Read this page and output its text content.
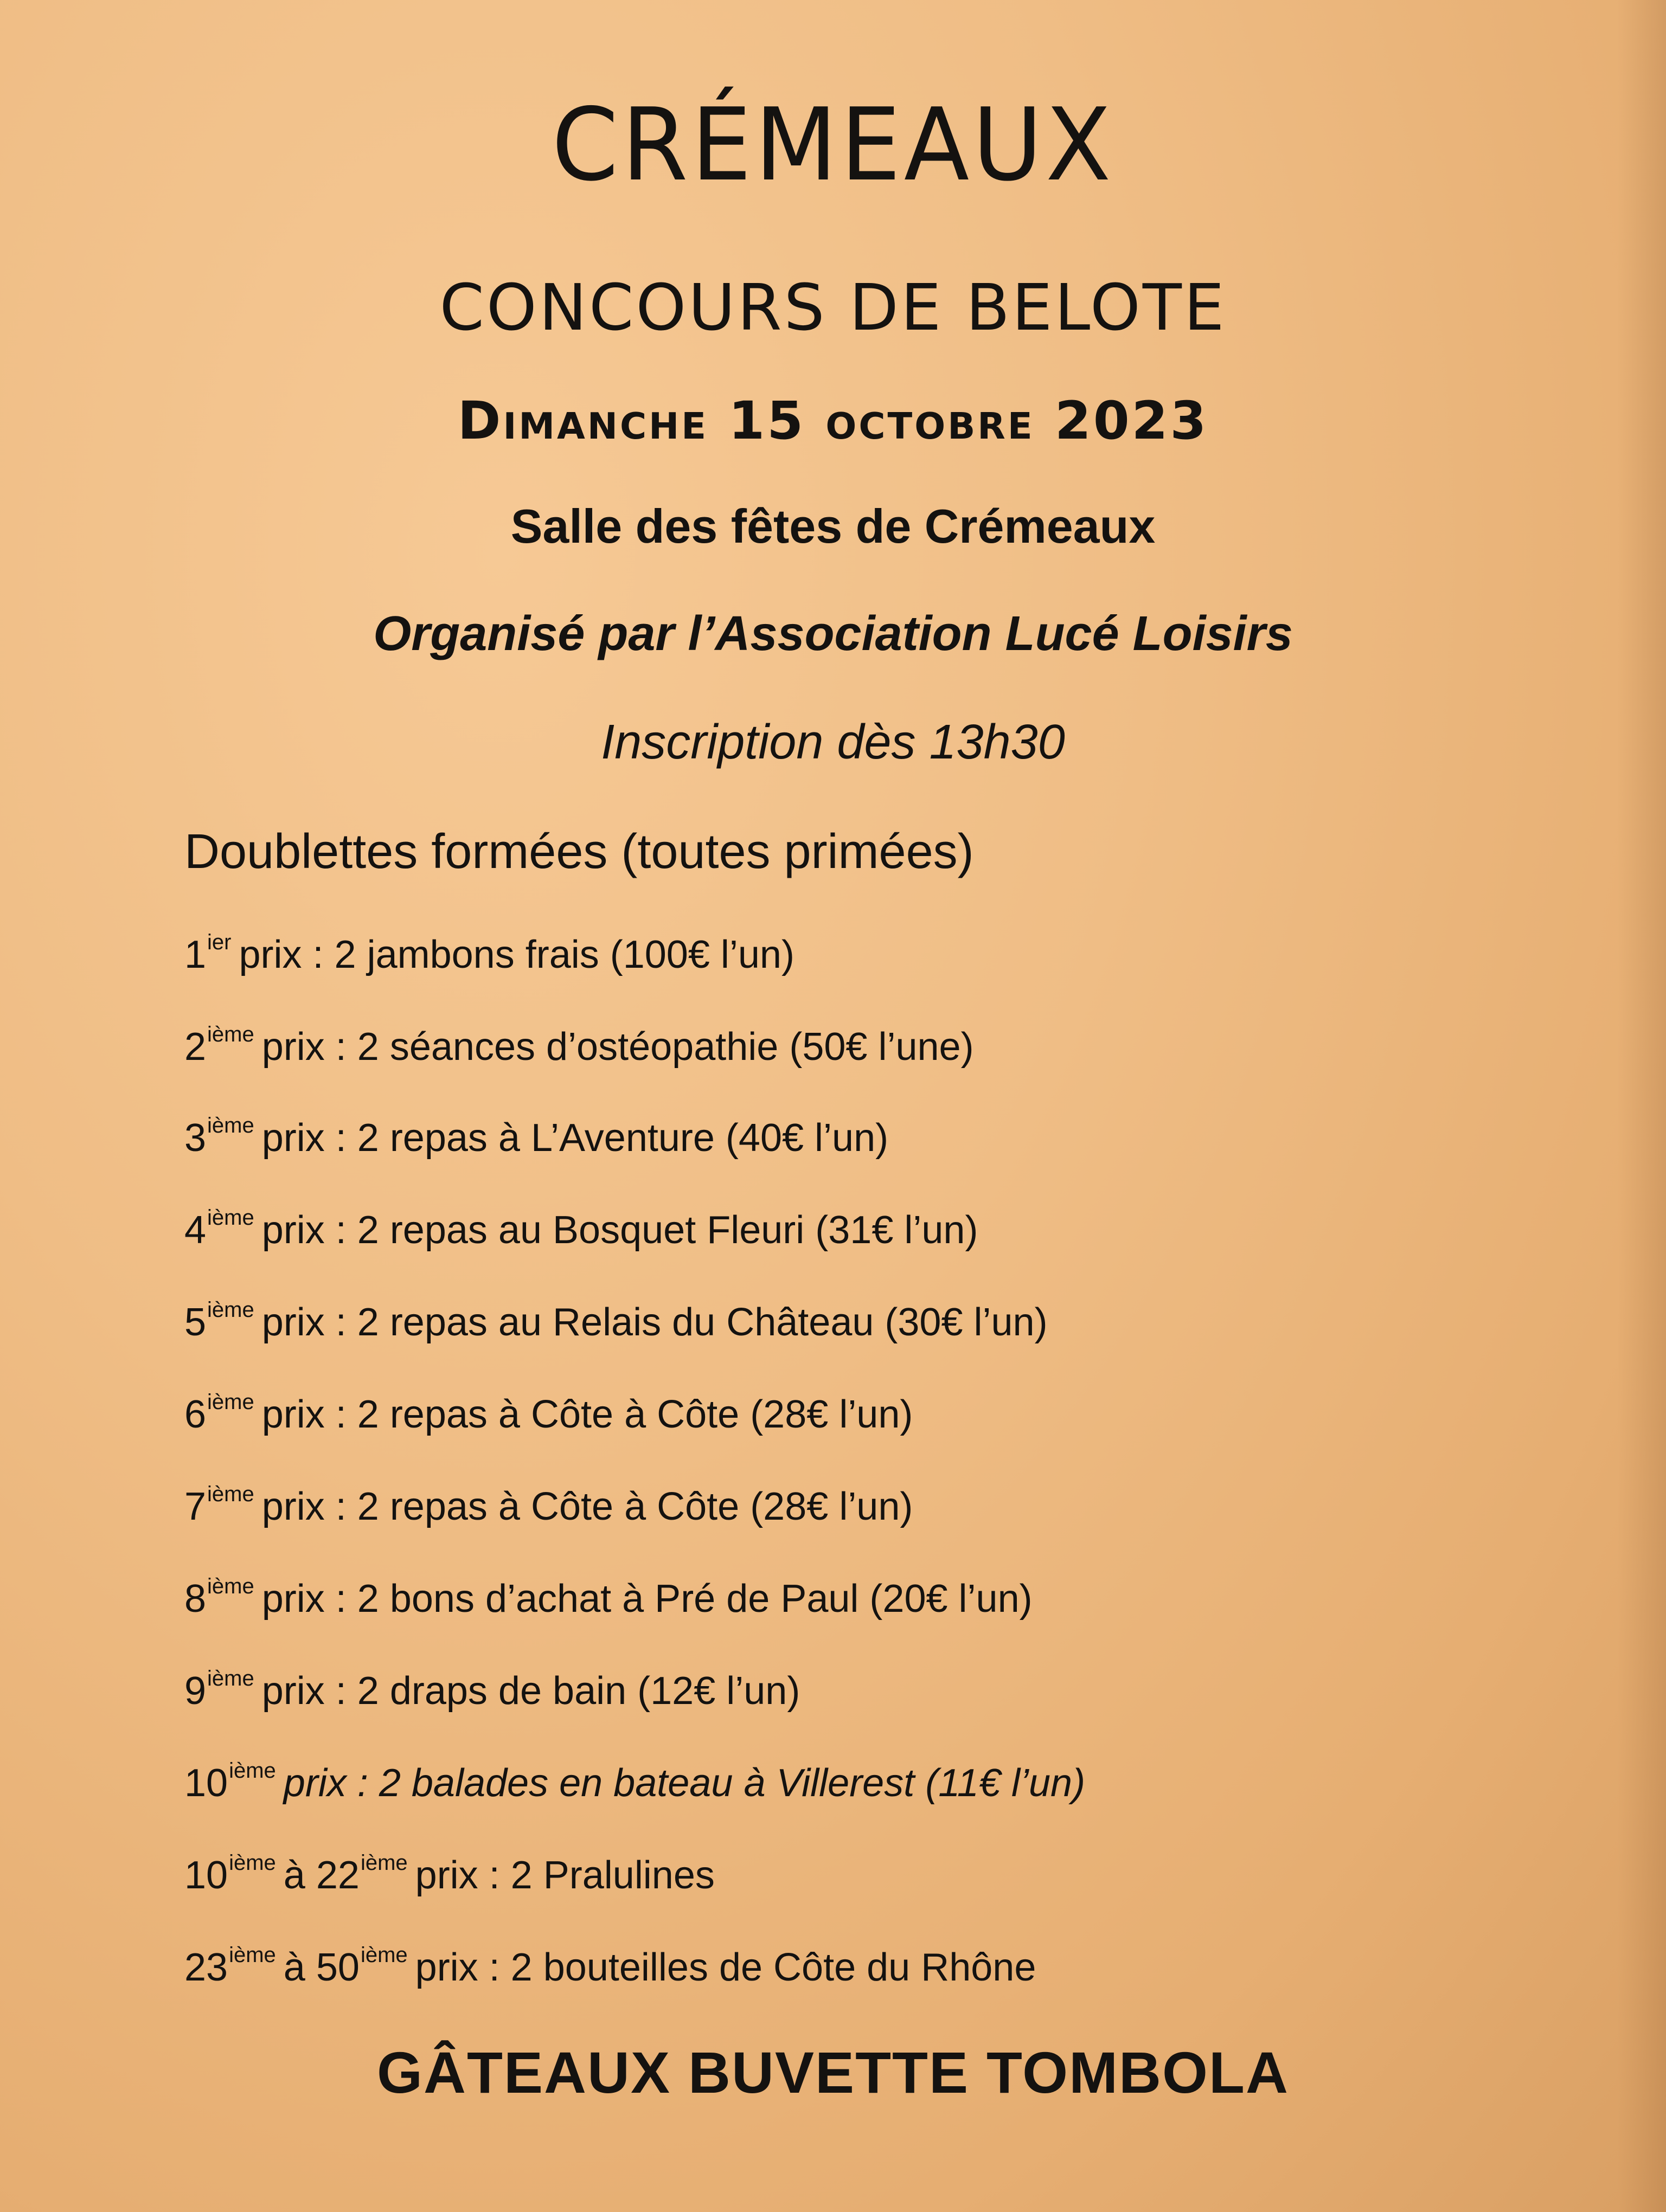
CRÉMEAUX
CONCOURS DE BELOTE
Dimanche 15 octobre 2023
Salle des fêtes de Crémeaux
Organisé par l’Association Lucé Loisirs
Inscription dès 13h30
Doublettes formées (toutes primées)
$1^{ier}$ prix : 2 jambons frais (100€ l’un)
2ième prix : 2 séances d’ostéopathie (50€ l’une)
3ième prix : 2 repas à L’Aventure (40€ l’un)
4ième prix : 2 repas au Bosquet Fleuri (31€ l’un)
5ième prix : 2 repas au Relais du Château (30€ l’un)
6ième prix : 2 repas à Côte à Côte (28€ l’un)
7ième prix : 2 repas à Côte à Côte (28€ l’un)
8ième prix : 2 bons d’achat à Pré de Paul (20€ l’un)
9ième prix : 2 draps de bain (12€ l’un)
10ième prix : 2 balades en bateau à Villerest (11€ l’un)
10ième à 22ième prix : 2 Pralulines
23ième à 50ième prix : 2 bouteilles de Côte du Rhône
GÂTEAUX BUVETTE TOMBOLA
